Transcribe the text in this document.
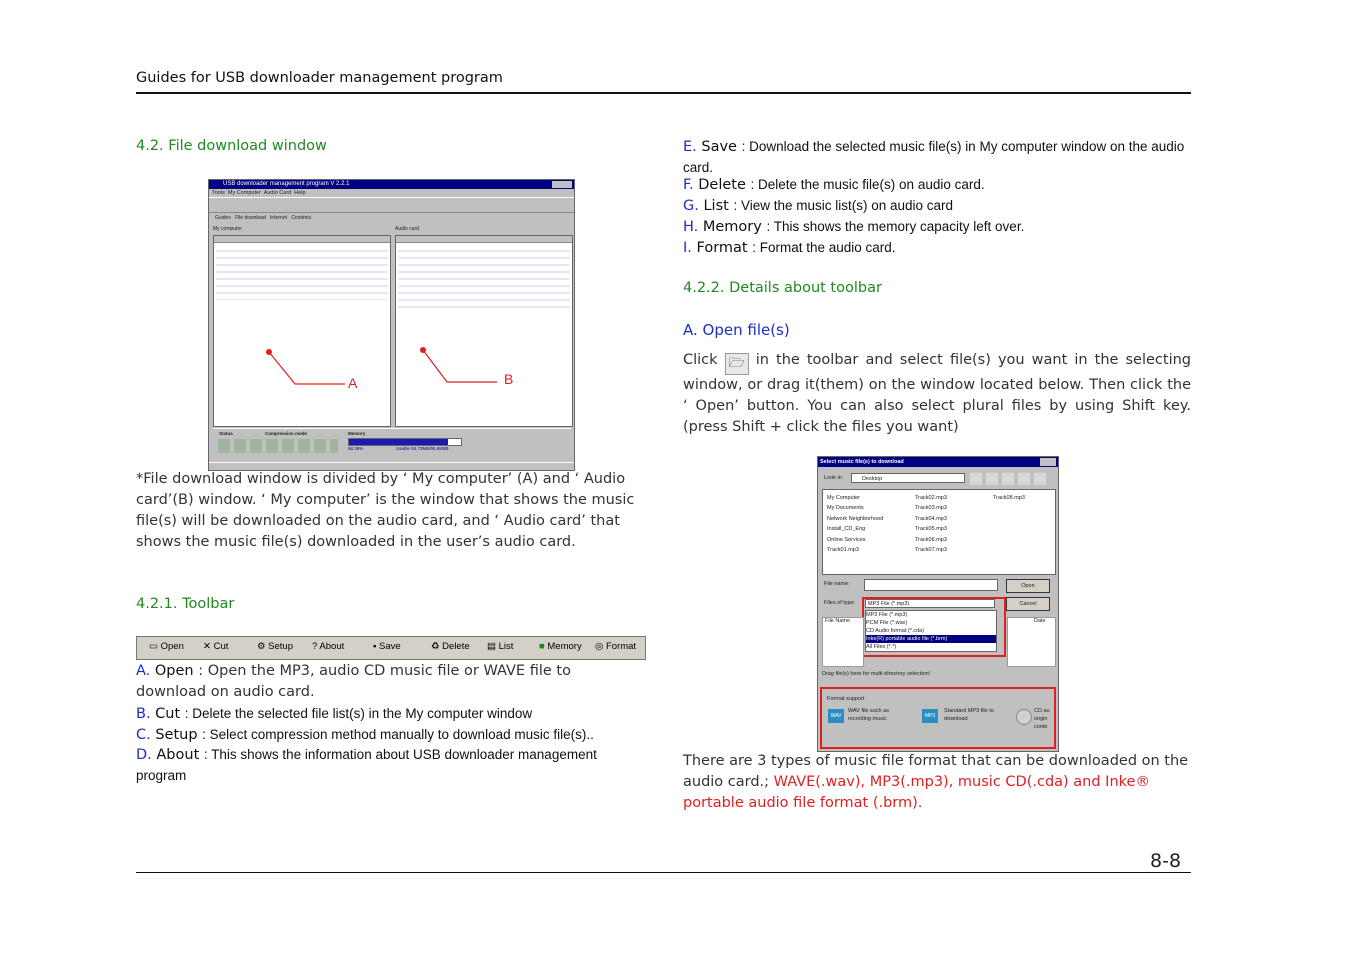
Guides for USB downloader management program
4.2. File download window
USB downloader management program V 2.2.1
Tools My Computer Audio Card Help
Guides File download Internet Contents
My computer	Audio card
A	B
Status	Compression mode	Memory
88.38%	Usable 84.73MB/95.88MB
*File download window is divided by ‘ My computer’ (A) and ‘ Audio card’(B) window. ‘ My computer’ is the window that shows the music file(s) will be downloaded on the audio card, and ‘ Audio card’ that shows the music file(s) downloaded in the user’s audio card.
4.2.1. Toolbar
▭ Open ✕ Cut	⚙ Setup ? About	▪ Save	♻ Delete ▤ List	■ Memory ◎ Format
A. Open : Open the MP3, audio CD music file or WAVE file to download on audio card.
B. Cut : Delete the selected file list(s) in the My computer window
C. Setup : Select compression method manually to download music file(s)..
D. About : This shows the information about USB downloader management program
E. Save : Download the selected music file(s) in My computer window on the audio card.
F. Delete : Delete the music file(s) on audio card.
G. List : View the music list(s) on audio card
H. Memory : This shows the memory capacity left over.
I. Format : Format the audio card.
4.2.2. Details about toolbar
A. Open file(s)
Click 🗁 in the toolbar and select file(s) you want in the selecting window, or drag it(them) on the window located below. Then click the ‘ Open’ button. You can also select plural files by using Shift key.(press Shift + click the files you want)
Select music file(s) to download
Look in:	Desktop
My Computer
My Documents
Network Neighborhood
Install_CD_Eng
Online Services
Track01.mp3
Track02.mp3
Track03.mp3
Track04.mp3
Track05.mp3
Track06.mp3
Track07.mp3
Track08.mp3
File name:	Open
Files of type:	Cancel
MP3 File (*.mp3)
MP3 File (*.mp3)
PCM File (*.wav)
CD Audio format (*.cda)
Inke(R) portable audio file (*.brm)
All Files (*.*)
File Name	Date
Drag file(s) here for multi-directory selection!
Format support
WAV
WAV file such as recording music	MP3
Standard MP3 file to download
CD au origin conte
There are 3 types of music file format that can be downloaded on the audio card.; WAVE(.wav), MP3(.mp3), music CD(.cda) and Inke® portable audio file format (.brm).
8-8
